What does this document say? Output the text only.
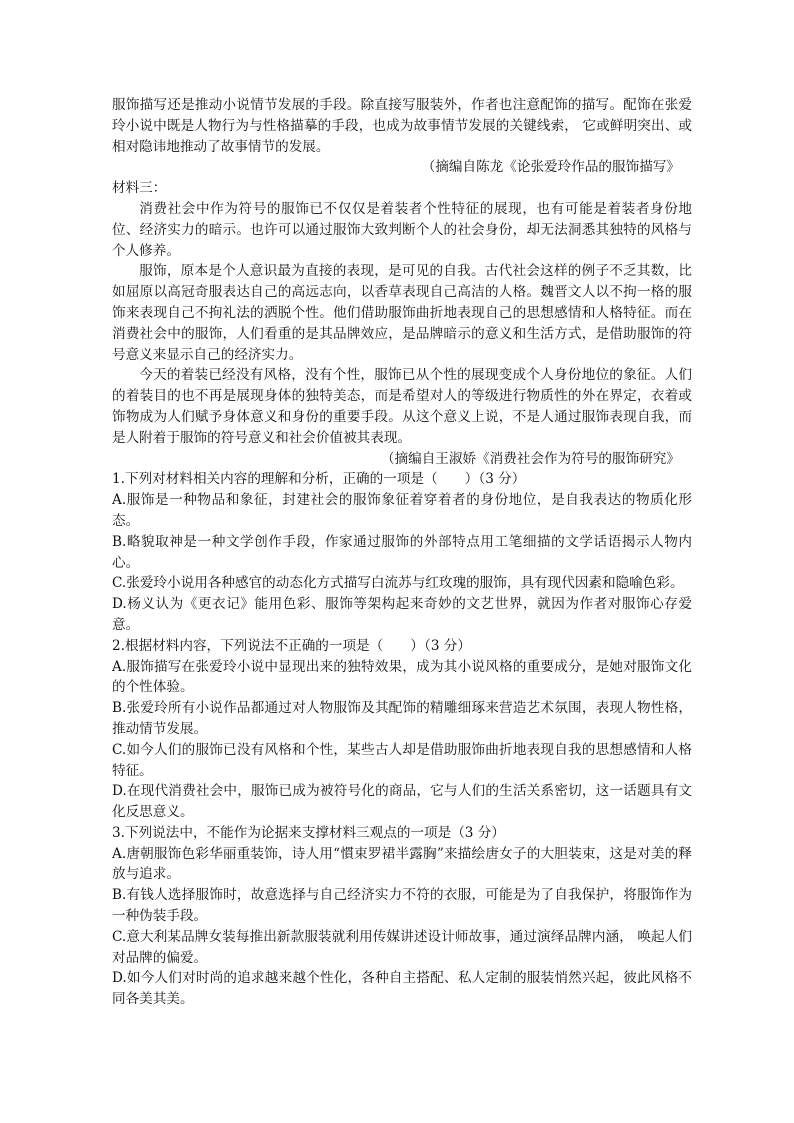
服饰描写还是推动小说情节发展的手段。除直接写服装外，作者也注意配饰的描写。配饰在张爱玲小说中既是人物行为与性格描摹的手段，也成为故事情节发展的关键线索， 它或鲜明突出、或相对隐讳地推动了故事情节的发展。

（摘编自陈龙《论张爱玲作品的服饰描写》

材料三：

消费社会中作为符号的服饰已不仅仅是着装者个性特征的展现，也有可能是着装者身份地位、经济实力的暗示。也许可以通过服饰大致判断个人的社会身份，却无法洞悉其独特的风格与个人修养。

服饰，原本是个人意识最为直接的表现，是可见的自我。古代社会这样的例子不乏其数，比如屈原以高冠奇服表达自己的高远志向，以香草表现自己高洁的人格。魏晋文人以不拘一格的服饰来表现自己不拘礼法的洒脱个性。他们借助服饰曲折地表现自己的思想感情和人格特征。而在消费社会中的服饰，人们看重的是其品牌效应，是品牌暗示的意义和生活方式，是借助服饰的符号意义来显示自己的经济实力。

今天的着装已经没有风格，没有个性，服饰已从个性的展现变成个人身份地位的象征。人们的着装目的也不再是展现身体的独特美态，而是希望对人的等级进行物质性的外在界定，衣着或饰物成为人们赋予身体意义和身份的重要手段。从这个意义上说，不是人通过服饰表现自我，而是人附着于服饰的符号意义和社会价值被其表现。

（摘编自王淑娇《消费社会作为符号的服饰研究》

1.下列对材料相关内容的理解和分析，正确的一项是（　　）（3 分）

A.服饰是一种物品和象征，封建社会的服饰象征着穿着者的身份地位，是自我表达的物质化形态。

B.略貌取神是一种文学创作手段，作家通过服饰的外部特点用工笔细描的文学话语揭示人物内心。

C.张爱玲小说用各种感官的动态化方式描写白流苏与红玫瑰的服饰，具有现代因素和隐喻色彩。

D.杨义认为《更衣记》能用色彩、服饰等架构起来奇妙的文艺世界，就因为作者对服饰心存爱意。

2.根据材料内容，下列说法不正确的一项是（　　）（3 分）

A.服饰描写在张爱玲小说中显现出来的独特效果，成为其小说风格的重要成分，是她对服饰文化的个性体验。

B.张爱玲所有小说作品都通过对人物服饰及其配饰的精雕细琢来营造艺术氛围，表现人物性格，推动情节发展。

C.如今人们的服饰已没有风格和个性，某些古人却是借助服饰曲折地表现自我的思想感情和人格特征。

D.在现代消费社会中，服饰已成为被符号化的商品，它与人们的生活关系密切，这一话题具有文化反思意义。

3.下列说法中，不能作为论据来支撑材料三观点的一项是（3 分）

A.唐朝服饰色彩华丽重装饰，诗人用“慣束罗裙半露胸”来描绘唐女子的大胆装束，这是对美的释放与追求。

B.有钱人选择服饰时，故意选择与自己经济实力不符的衣服，可能是为了自我保护，将服饰作为一种伪装手段。

C.意大利某品牌女装每推出新款服装就利用传媒讲述设计师故事，通过演绎品牌内涵， 唤起人们对品牌的偏爱。

D.如今人们对时尚的追求越来越个性化，各种自主搭配、私人定制的服装悄然兴起，彼此风格不同各美其美。
